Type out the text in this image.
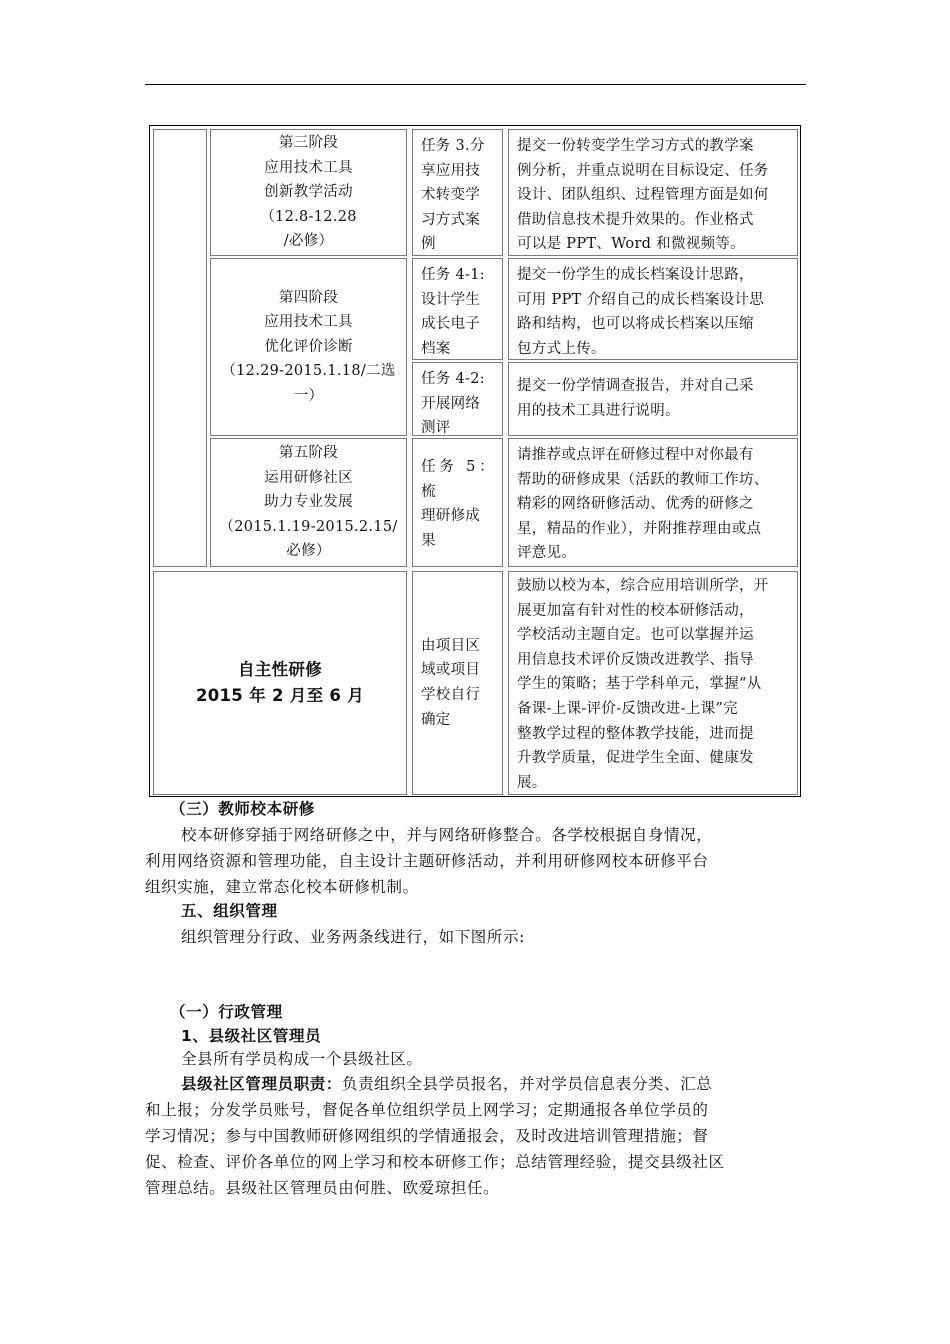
第三阶段
应用技术工具
创新教学活动
（12.8-12.28
/必修）
任务 3.分
享应用技
术转变学
习方式案
例
提交一份转变学生学习方式的教学案
例分析，并重点说明在目标设定、任务
设计、团队组织、过程管理方面是如何
借助信息技术提升效果的。作业格式
可以是 PPT、Word 和微视频等。
第四阶段
应用技术工具
优化评价诊断
（12.29-2015.1.18/二选
一）
任务 4-1:
设计学生
成长电子
档案
提交一份学生的成长档案设计思路，
可用 PPT 介绍自己的成长档案设计思
路和结构，也可以将成长档案以压缩
包方式上传。
任务 4-2:
开展网络
测评
提交一份学情调查报告，并对自己采
用的技术工具进行说明。
第五阶段
运用研修社区
助力专业发展
（2015.1.19-2015.2.15/
必修）
任务 5：梳
理研修成
果
请推荐或点评在研修过程中对你最有
帮助的研修成果（活跃的教师工作坊、
精彩的网络研修活动、优秀的研修之
星，精品的作业），并附推荐理由或点
评意见。
自主性研修
2015 年 2 月至 6 月
由项目区
域或项目
学校自行
确定
鼓励以校为本，综合应用培训所学，开
展更加富有针对性的校本研修活动，
学校活动主题自定。也可以掌握并运
用信息技术评价反馈改进教学、指导
学生的策略；基于学科单元，掌握“从
备课-上课-评价-反馈改进-上课”完
整教学过程的整体教学技能，进而提
升教学质量，促进学生全面、健康发
展。
（三）教师校本研修
校本研修穿插于网络研修之中，并与网络研修整合。各学校根据自身情况，
利用网络资源和管理功能，自主设计主题研修活动，并利用研修网校本研修平台
组织实施，建立常态化校本研修机制。
五、组织管理
组织管理分行政、业务两条线进行，如下图所示:
（一）行政管理
1、县级社区管理员
全县所有学员构成一个县级社区。
县级社区管理员职责：负责组织全县学员报名，并对学员信息表分类、汇总
和上报；分发学员账号，督促各单位组织学员上网学习；定期通报各单位学员的
学习情况；参与中国教师研修网组织的学情通报会，及时改进培训管理措施；督
促、检查、评价各单位的网上学习和校本研修工作；总结管理经验，提交县级社区
管理总结。县级社区管理员由何胜、欧爱琼担任。
